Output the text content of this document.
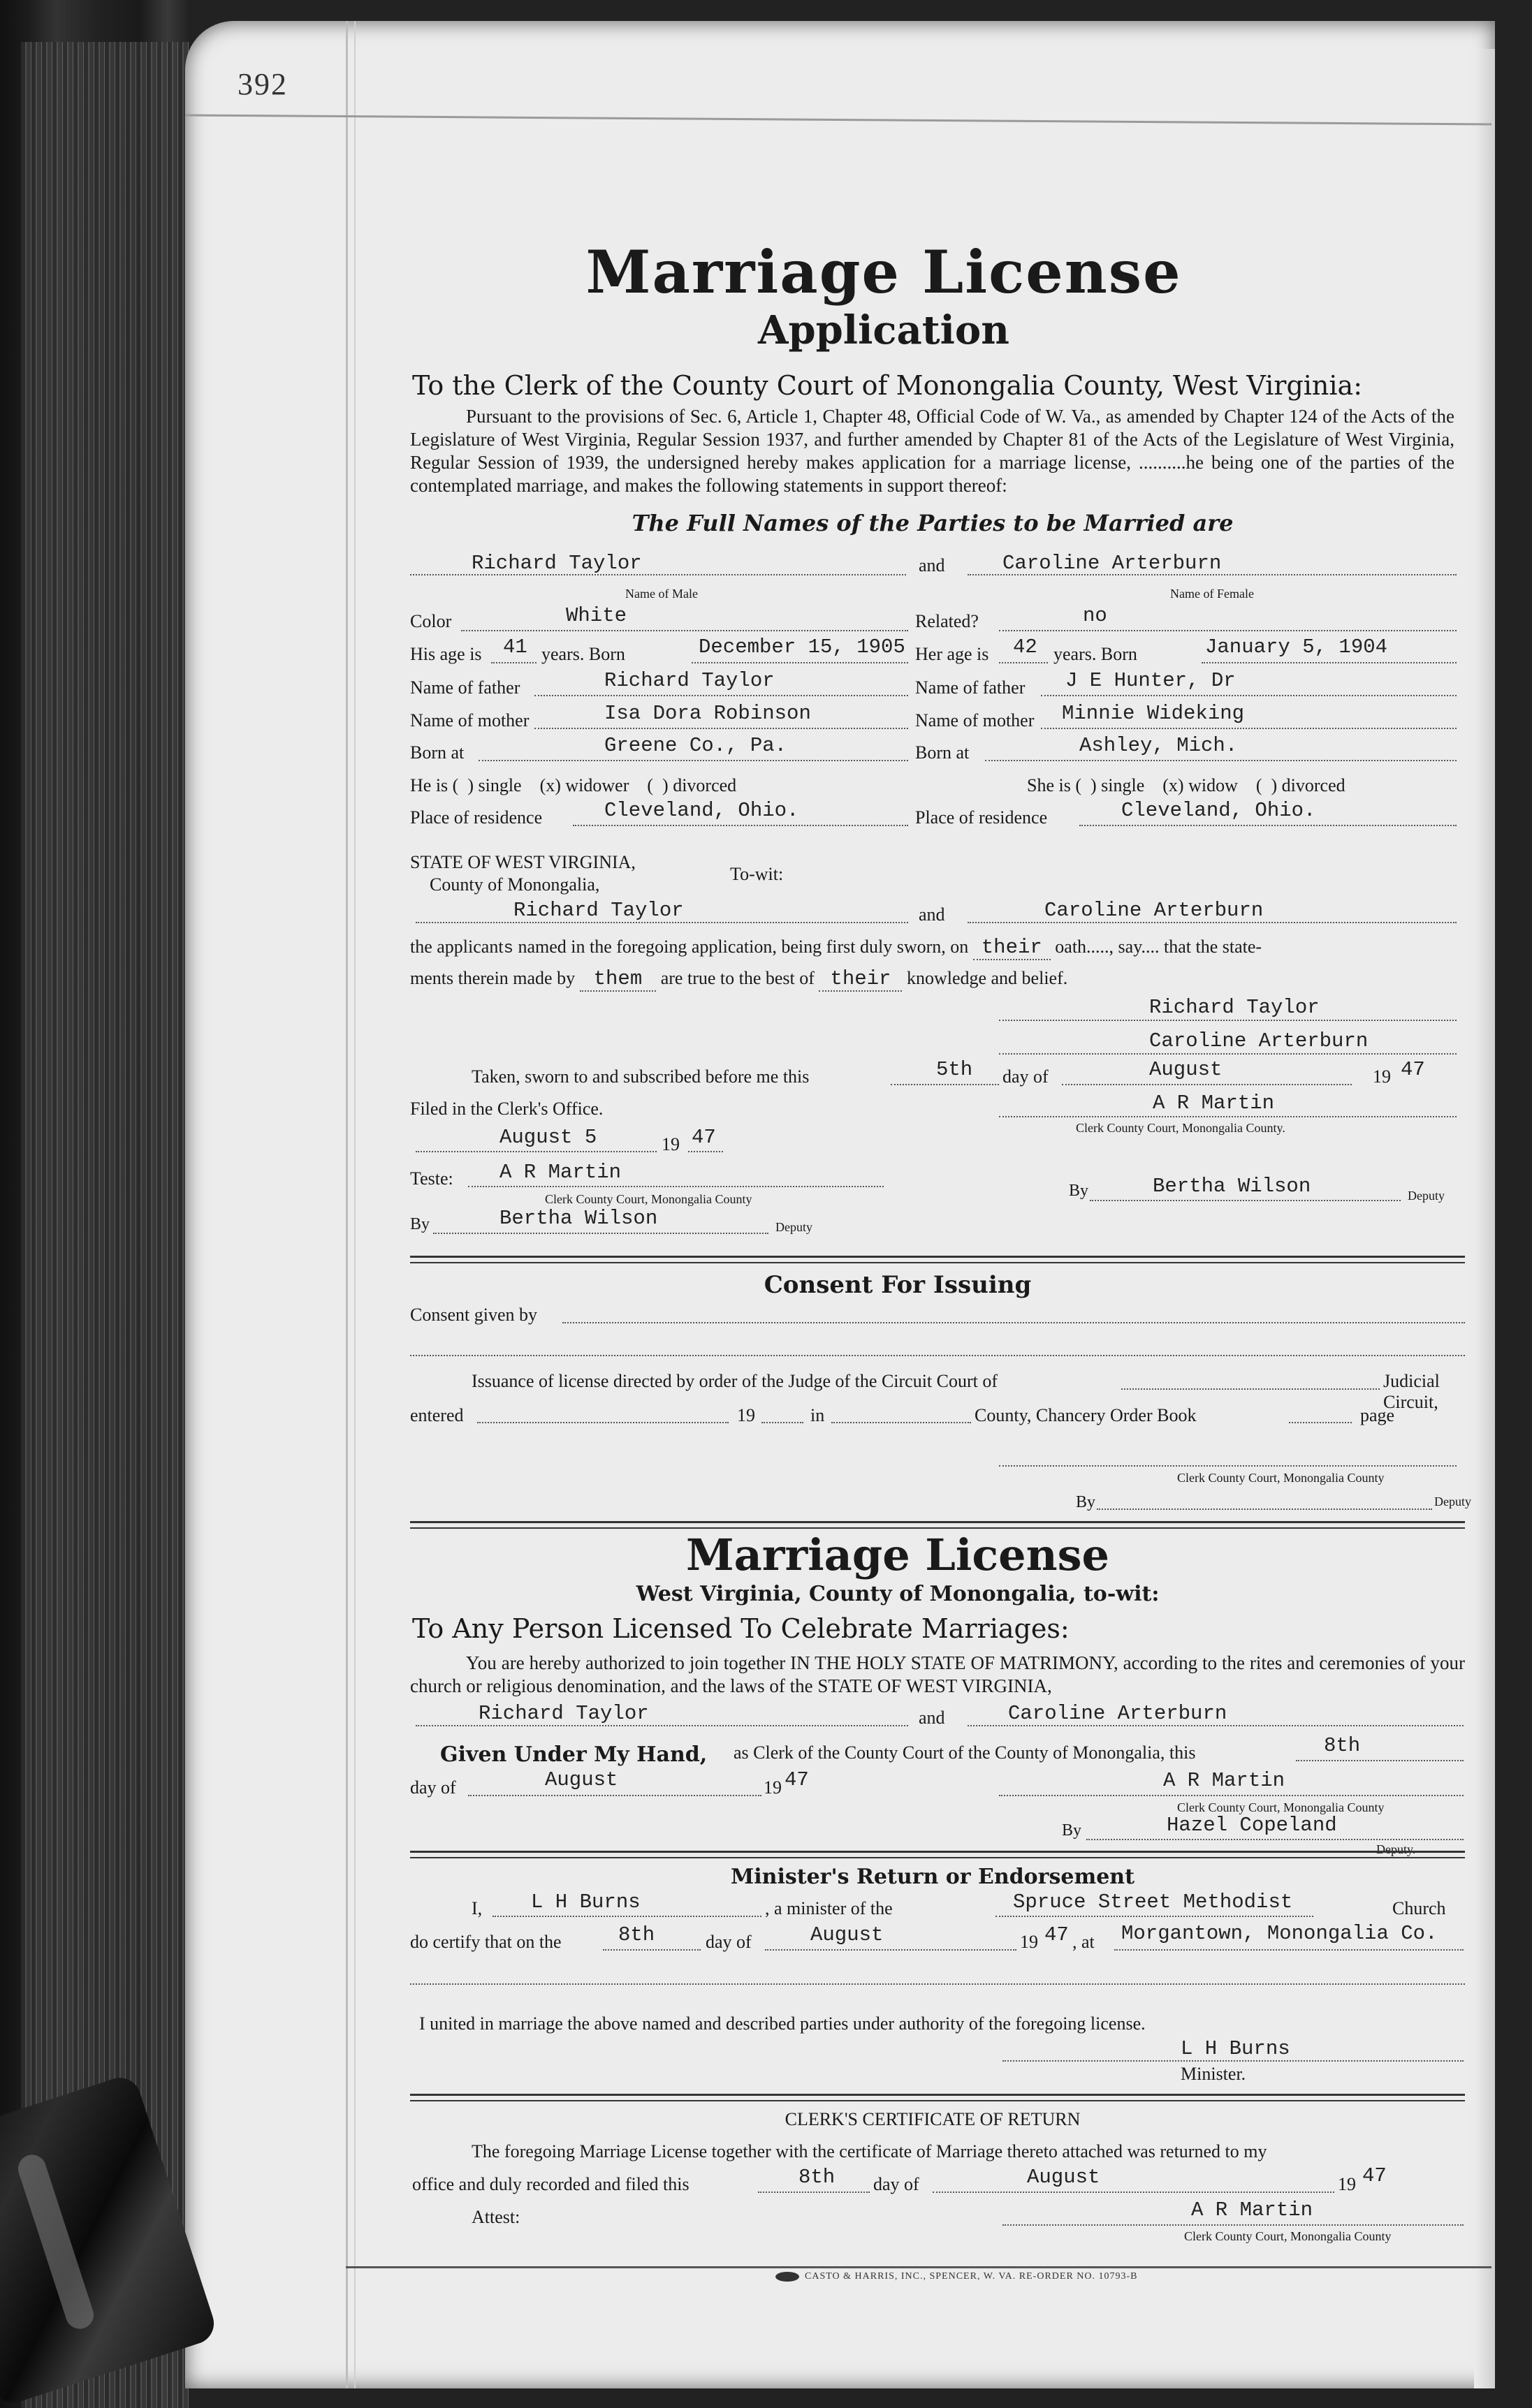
392
Marriage License
Application
To the Clerk of the County Court of Monongalia County, West Virginia:

Pursuant to the provisions of Sec. 6, Article 1, Chapter 48, Official Code of W. Va., as amended by Chapter 124 of the Acts of the Legislature of West Virginia, Regular Session 1937, and further amended by Chapter 81 of the Acts of the Legislature of West Virginia, Regular Session of 1939, the undersigned hereby makes application for a marriage license, ..........he being one of the parties of the contemplated marriage, and makes the following statements in support thereof:

The Full Names of the Parties to be Married are
Richard Taylor	and	Caroline Arterburn
Name of Male	Name of Female
Color	White	Related?	no
His age is 41 years. Born	December 15, 1905 Her age is 42 years. Born	January 5, 1904
Name of father	Richard Taylor	Name of father J E Hunter, Dr
Name of mother	Isa Dora Robinson	Name of mother Minnie Wideking
Born at	Greene Co., Pa.	Born at	Ashley, Mich.
He is (  ) single    (x) widower    (  ) divorced	She is (  ) single    (x) widow    (  ) divorced
Place of residence	Cleveland, Ohio.	Place of residence	Cleveland, Ohio.
STATE OF WEST VIRGINIA,
County of Monongalia,
To-wit:
Richard Taylor	and	Caroline Arterburn
the applicants named in the foregoing application, being first duly sworn, on their oath....., say.... that the state-
ments therein made by them are true to the best of their knowledge and belief.
Richard Taylor
Caroline Arterburn
Taken, sworn to and subscribed before me this	5th day of	August	19 47
Filed in the Clerk's Office.	A R Martin
Clerk County Court, Monongalia County.
August 5	19 47
Teste: A R Martin
Clerk County Court, Monongalia County	By	Bertha Wilson	Deputy
By	Bertha Wilson	Deputy
Consent For Issuing
Consent given by
Issuance of license directed by order of the Judge of the Circuit Court of	Judicial Circuit,
entered	19	in	County, Chancery Order Book	page
Clerk County Court, Monongalia County
By	Deputy
Marriage License
West Virginia, County of Monongalia, to-wit:
To Any Person Licensed To Celebrate Marriages:

You are hereby authorized to join together IN THE HOLY STATE OF MATRIMONY, according to the rites and ceremonies of your church or religious denomination, and the laws of the STATE OF WEST VIRGINIA,

Richard Taylor	and	Caroline Arterburn
Given Under My Hand, as Clerk of the County Court of the County of Monongalia, this	8th
day of	August	19 47	A R Martin
Clerk County Court, Monongalia County
By	Hazel Copeland
Deputy.
Minister's Return or Endorsement
I, L H Burns	, a minister of the	Spruce Street Methodist	Church
do certify that on the	8th	day of	August	19 47 , at Morgantown, Monongalia Co.
I united in marriage the above named and described parties under authority of the foregoing license.
L H Burns
Minister.
CLERK'S CERTIFICATE OF RETURN
The foregoing Marriage License together with the certificate of Marriage thereto attached was returned to my
office and duly recorded and filed this	8th day of	August	19 47
Attest:	A R Martin
Clerk County Court, Monongalia County
CASTO & HARRIS, INC., SPENCER, W. VA. RE-ORDER NO. 10793-B
